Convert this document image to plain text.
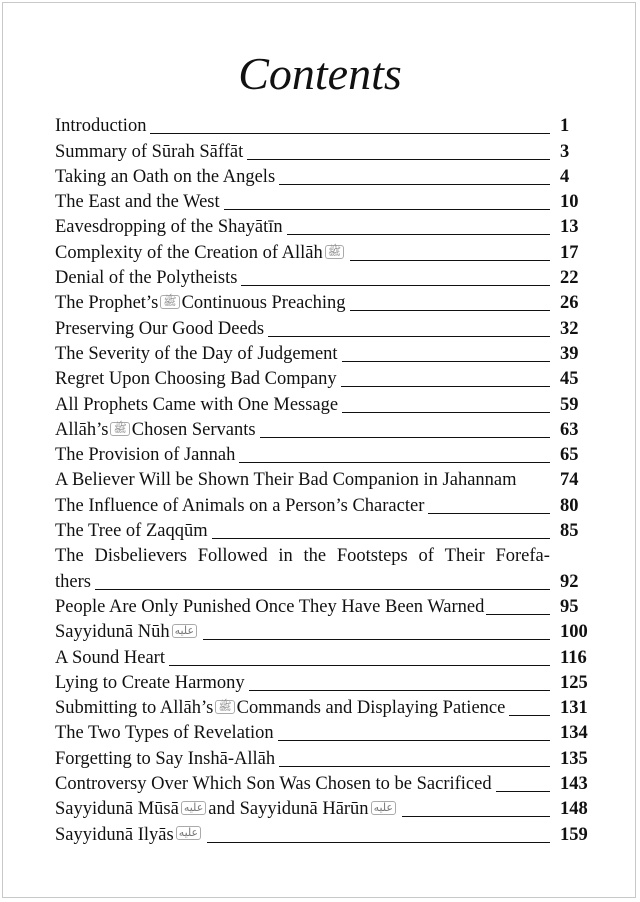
Contents
Introduction	1
Summary of Sūrah Sāffāt	3
Taking an Oath on the Angels	4
The East and the West	10
Eavesdropping of the Shayātīn	13
Complexity of the Creation of Allāh ﷺ	17
Denial of the Polytheists	22
The Prophet’s ﷺ Continuous Preaching	26
Preserving Our Good Deeds	32
The Severity of the Day of Judgement	39
Regret Upon Choosing Bad Company	45
All Prophets Came with One Message	59
Allāh’s ﷺ Chosen Servants	63
The Provision of Jannah	65
A Believer Will be Shown Their Bad Companion in Jahannam 74
The Influence of Animals on a Person’s Character	80
The Tree of Zaqqūm	85
The Disbelievers Followed in the Footsteps of Their Forefa-
thers	92
People Are Only Punished Once They Have Been Warned	95
Sayyidunā Nūh عليه	100
A Sound Heart	116
Lying to Create Harmony	125
Submitting to Allāh’s ﷺ Commands and Displaying Patience	131
The Two Types of Revelation	134
Forgetting to Say Inshā-Allāh	135
Controversy Over Which Son Was Chosen to be Sacrificed	143
Sayyidunā Mūsā عليه and Sayyidunā Hārūn عليه	148
Sayyidunā Ilyās عليه	159
